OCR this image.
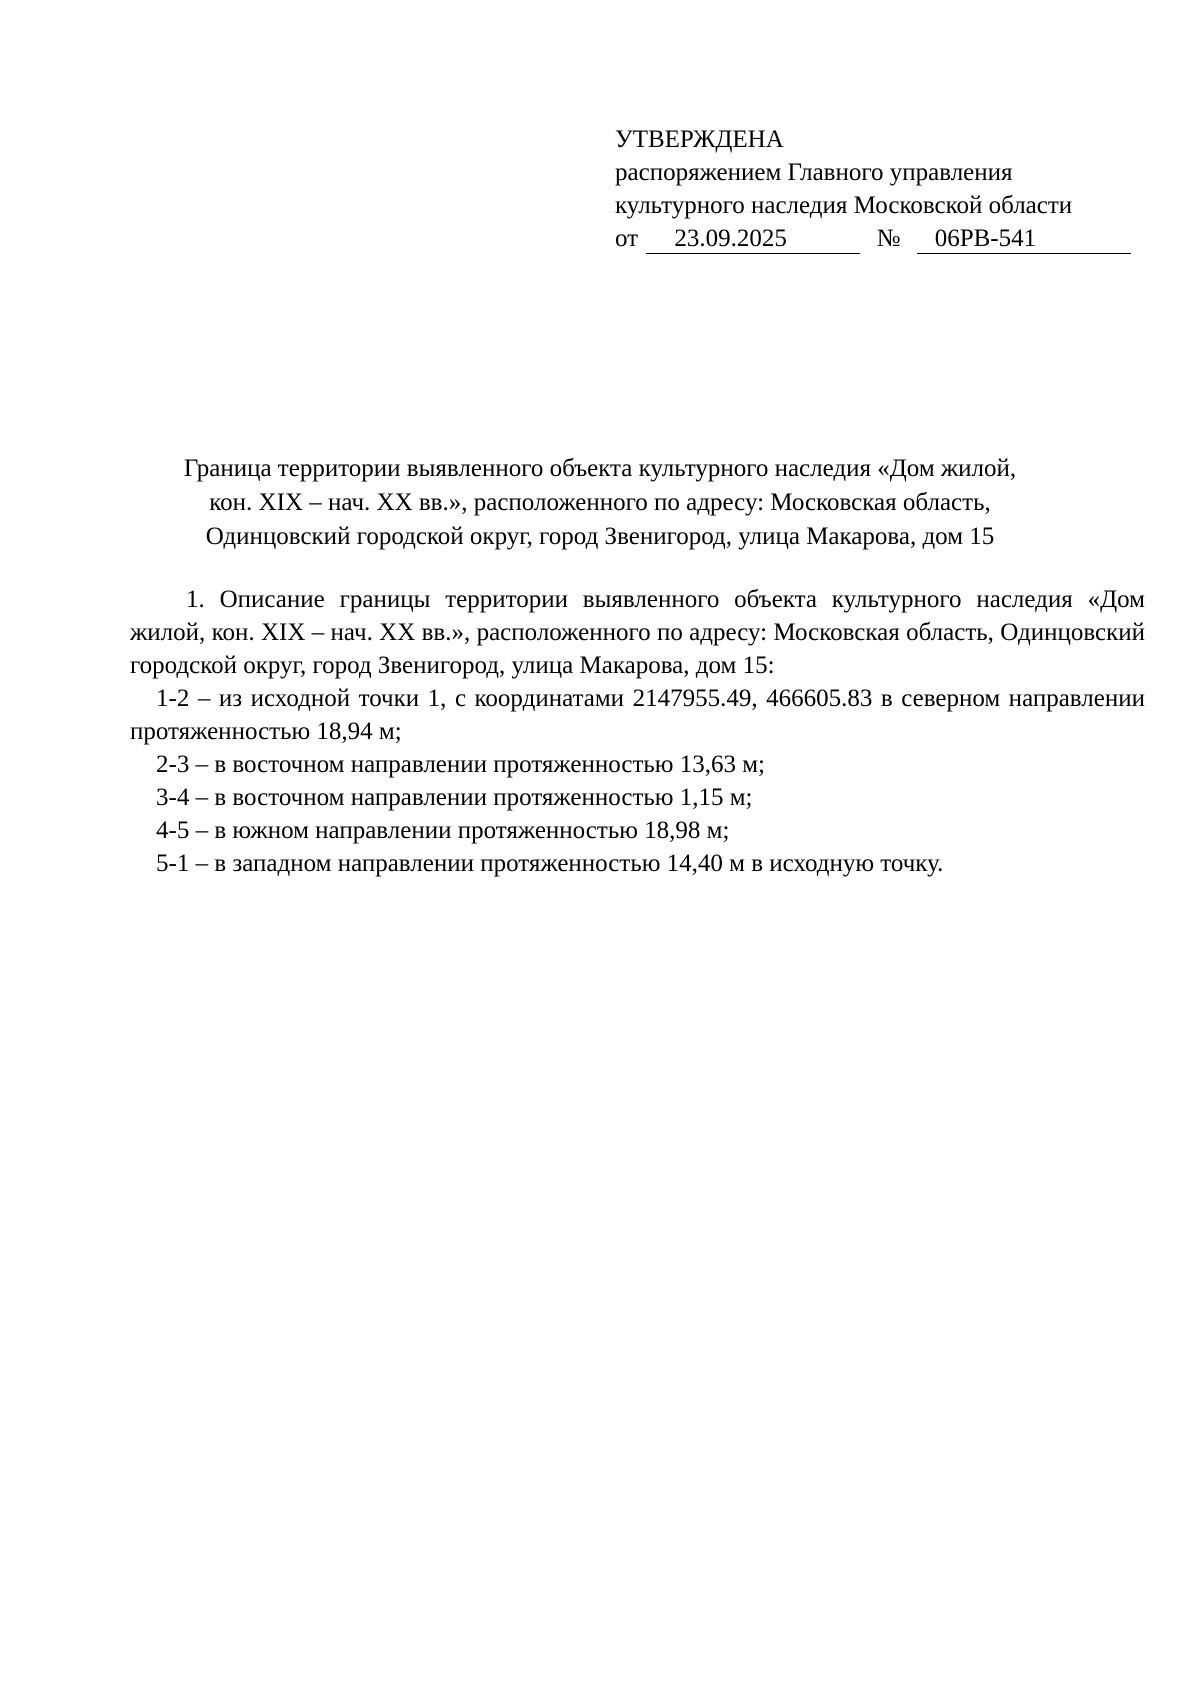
УТВЕРЖДЕНА
распоряжением Главного управления
культурного наследия Московской области
от 23.09.2025	№ 06РВ-541
Граница территории выявленного объекта культурного наследия «Дом жилой,
кон. XIX – нач. XX вв.», расположенного по адресу: Московская область,
Одинцовский городской округ, город Звенигород, улица Макарова, дом 15

1. Описание границы территории выявленного объекта культурного наследия «Дом жилой, кон. XIX – нач. XX вв.», расположенного по адресу: Московская область, Одинцовский городской округ, город Звенигород, улица Макарова, дом 15:

1-2 – из исходной точки 1, с координатами 2147955.49, 466605.83 в северном направлении протяженностью 18,94 м;

2-3 – в восточном направлении протяженностью 13,63 м;

3-4 – в восточном направлении протяженностью 1,15 м;

4-5 – в южном направлении протяженностью 18,98 м;

5-1 – в западном направлении протяженностью 14,40 м в исходную точку.
